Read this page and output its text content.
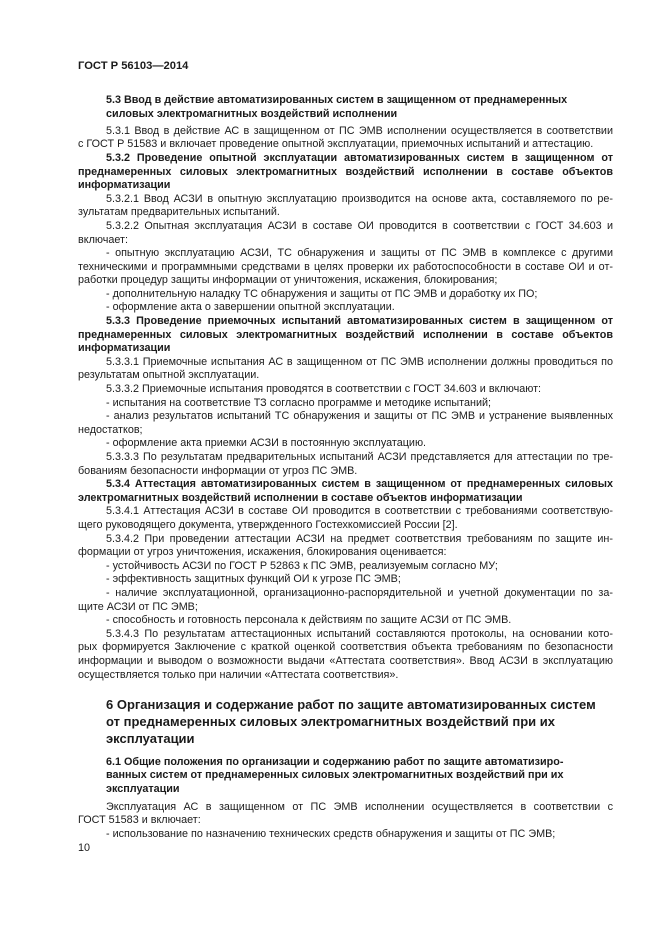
ГОСТ Р 56103—2014
5.3 Ввод в действие автоматизированных систем в защищенном от преднамеренных
силовых электромагнитных воздействий исполнении
5.3.1 Ввод в действие АС в защищенном от ПС ЭМВ исполнении осуществляется в соответствии
с ГОСТ Р 51583 и включает проведение опытной эксплуатации, приемочных испытаний и аттестацию.
5.3.2 Проведение опытной эксплуатации автоматизированных систем в защищенном от
преднамеренных силовых электромагнитных воздействий исполнении в составе объектов
информатизации
5.3.2.1 Ввод АСЗИ в опытную эксплуатацию производится на основе акта, составляемого по ре-
зультатам предварительных испытаний.
5.3.2.2 Опытная эксплуатация АСЗИ в составе ОИ проводится в соответствии с ГОСТ 34.603 и
включает:
- опытную эксплуатацию АСЗИ, ТС обнаружения и защиты от ПС ЭМВ в комплексе с другими
техническими и программными средствами в целях проверки их работоспособности в составе ОИ и от-
работки процедур защиты информации от уничтожения, искажения, блокирования;
- дополнительную наладку ТС обнаружения и защиты от ПС ЭМВ и доработку их ПО;
- оформление акта о завершении опытной эксплуатации.
5.3.3 Проведение приемочных испытаний автоматизированных систем в защищенном от
преднамеренных силовых электромагнитных воздействий исполнении в составе объектов
информатизации
5.3.3.1 Приемочные испытания АС в защищенном от ПС ЭМВ исполнении должны проводиться по
результатам опытной эксплуатации.
5.3.3.2 Приемочные испытания проводятся в соответствии с ГОСТ 34.603 и включают:
- испытания на соответствие ТЗ согласно программе и методике испытаний;
- анализ результатов испытаний ТС обнаружения и защиты от ПС ЭМВ и устранение выявленных
недостатков;
- оформление акта приемки АСЗИ в постоянную эксплуатацию.
5.3.3.3 По результатам предварительных испытаний АСЗИ представляется для аттестации по тре-
бованиям безопасности информации от угроз ПС ЭМВ.
5.3.4 Аттестация автоматизированных систем в защищенном от преднамеренных силовых
электромагнитных воздействий исполнении в составе объектов информатизации
5.3.4.1 Аттестация АСЗИ в составе ОИ проводится в соответствии с требованиями соответствую-
щего руководящего документа, утвержденного Гостехкомиссией России [2].
5.3.4.2 При проведении аттестации АСЗИ на предмет соответствия требованиям по защите ин-
формации от угроз уничтожения, искажения, блокирования оценивается:
- устойчивость АСЗИ по ГОСТ Р 52863 к ПС ЭМВ, реализуемым согласно МУ;
- эффективность защитных функций ОИ к угрозе ПС ЭМВ;
- наличие эксплуатационной, организационно-распорядительной и учетной документации по за-
щите АСЗИ от ПС ЭМВ;
- способность и готовность персонала к действиям по защите АСЗИ от ПС ЭМВ.
5.3.4.3 По результатам аттестационных испытаний составляются протоколы, на основании кото-
рых формируется Заключение с краткой оценкой соответствия объекта требованиям по безопасности
информации и выводом о возможности выдачи «Аттестата соответствия». Ввод АСЗИ в эксплуатацию
осуществляется только при наличии «Аттестата соответствия».
6 Организация и содержание работ по защите автоматизированных систем
от преднамеренных силовых электромагнитных воздействий при их
эксплуатации
6.1 Общие положения по организации и содержанию работ по защите автоматизиро-
ванных систем от преднамеренных силовых электромагнитных воздействий при их
эксплуатации
Эксплуатация АС в защищенном от ПС ЭМВ исполнении осуществляется в соответствии с
ГОСТ 51583 и включает:
- использование по назначению технических средств обнаружения и защиты от ПС ЭМВ;
10
